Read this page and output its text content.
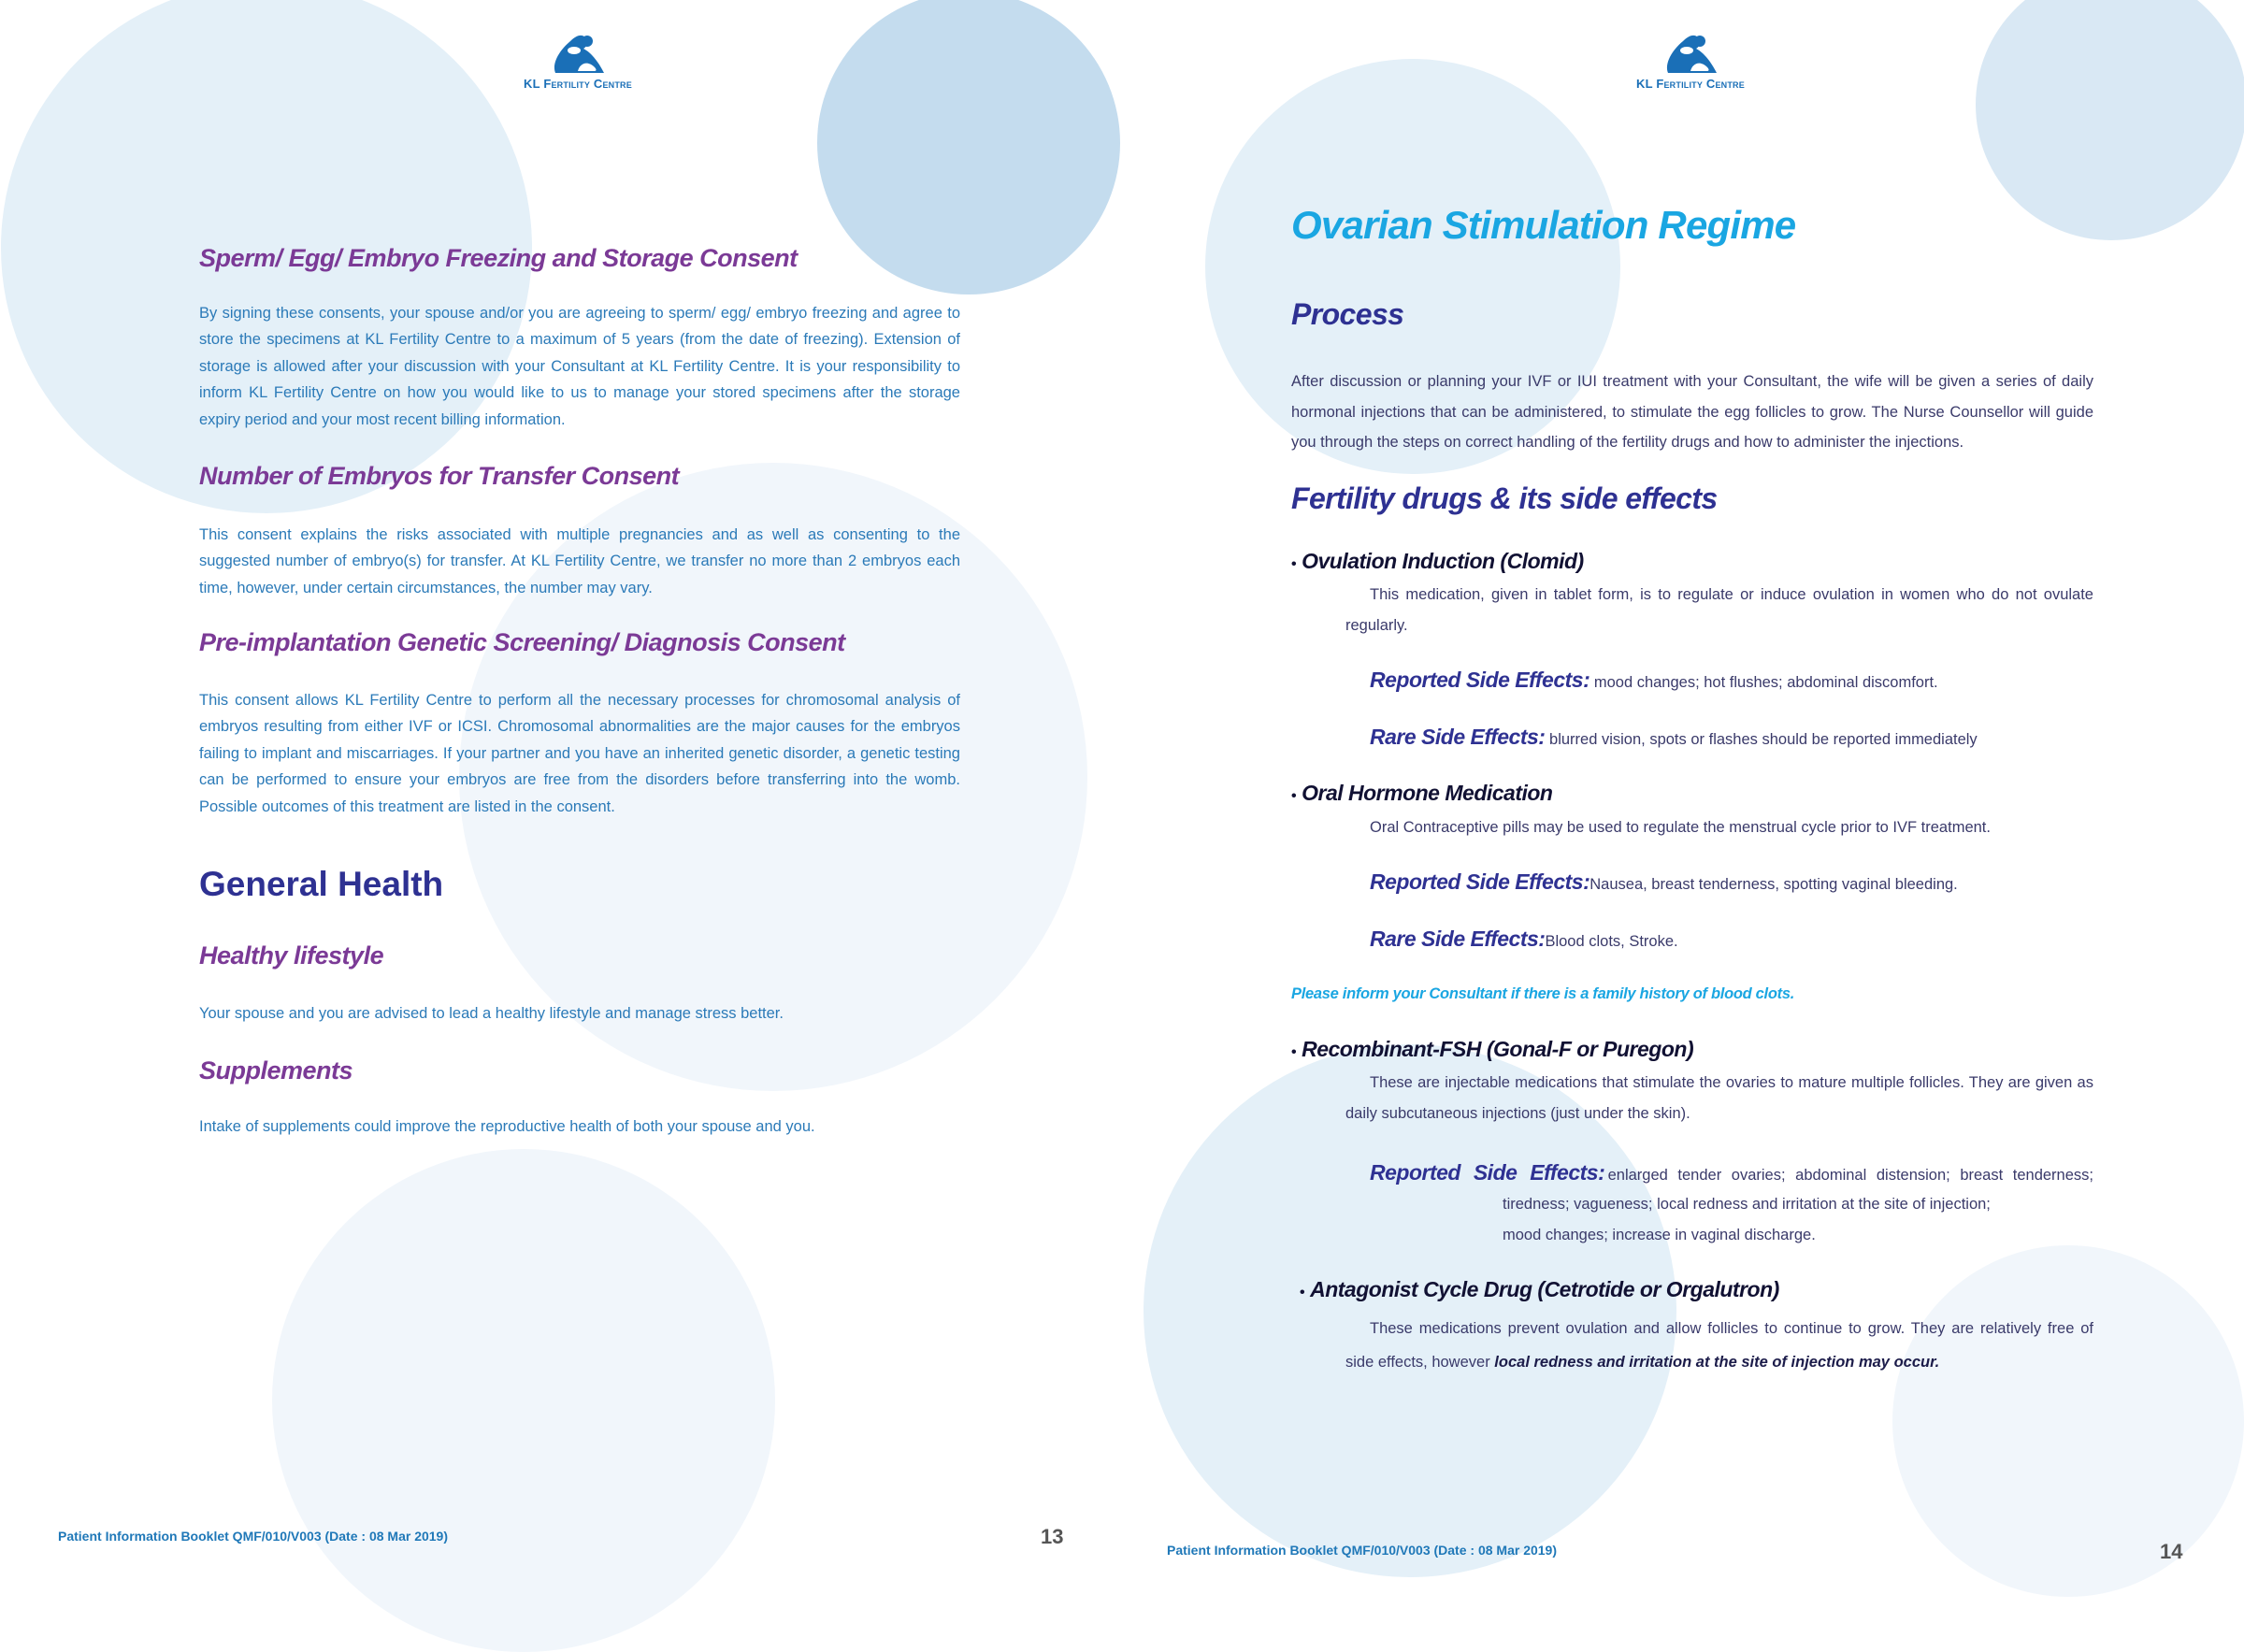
KL Fertility Centre
Sperm/ Egg/ Embryo Freezing and Storage Consent

By signing these consents, your spouse and/or you are agreeing to sperm/ egg/ embryo freezing and agree to store the specimens at KL Fertility Centre to a maximum of 5 years (from the date of freezing). Extension of storage is allowed after your discussion with your Consultant at KL Fertility Centre. It is your responsibility to inform KL Fertility Centre on how you would like to us to manage your stored specimens after the storage expiry period and your most recent billing information.

Number of Embryos for Transfer Consent

This consent explains the risks associated with multiple pregnancies and as well as consenting to the suggested number of embryo(s) for transfer. At KL Fertility Centre, we transfer no more than 2 embryos each time, however, under certain circumstances, the number may vary.

Pre-implantation Genetic Screening/ Diagnosis Consent

This consent allows KL Fertility Centre to perform all the necessary processes for chromosomal analysis of embryos resulting from either IVF or ICSI. Chromosomal abnormalities are the major causes for the embryos failing to implant and miscarriages. If your partner and you have an inherited genetic disorder, a genetic testing can be performed to ensure your embryos are free from the disorders before transferring into the womb. Possible outcomes of this treatment are listed in the consent.

General Health
Healthy lifestyle

Your spouse and you are advised to lead a healthy lifestyle and manage stress better.

Supplements

Intake of supplements could improve the reproductive health of both your spouse and you.

Patient Information Booklet QMF/010/V003 (Date : 08 Mar 2019)	13
KL Fertility Centre
Ovarian Stimulation Regime
Process

After discussion or planning your IVF or IUI treatment with your Consultant, the wife will be given a series of daily hormonal injections that can be administered, to stimulate the egg follicles to grow. The Nurse Counsellor will guide you through the steps on correct handling of the fertility drugs and how to administer the injections.

Fertility drugs & its side effects
• Ovulation Induction (Clomid)

This medication, given in tablet form, is to regulate or induce ovulation in women who do not ovulate regularly.

Reported Side Effects: mood changes; hot flushes; abdominal discomfort.
Rare Side Effects: blurred vision, spots or flashes should be reported immediately
• Oral Hormone Medication

Oral Contraceptive pills may be used to regulate the menstrual cycle prior to IVF treatment.

Reported Side Effects:Nausea, breast tenderness, spotting vaginal bleeding.
Rare Side Effects:Blood clots, Stroke.
Please inform your Consultant if there is a family history of blood clots.
• Recombinant-FSH (Gonal-F or Puregon)

These are injectable medications that stimulate the ovaries to mature multiple follicles. They are given as daily subcutaneous injections (just under the skin).

Reported Side Effects: enlarged tender ovaries; abdominal distension; breast tenderness;
tiredness; vagueness; local redness and irritation at the site of injection;
mood changes; increase in vaginal discharge.
• Antagonist Cycle Drug (Cetrotide or Orgalutron)

These medications prevent ovulation and allow follicles to continue to grow. They are relatively free of side effects, however local redness and irritation at the site of injection may occur.

Patient Information Booklet QMF/010/V003 (Date : 08 Mar 2019)	14
